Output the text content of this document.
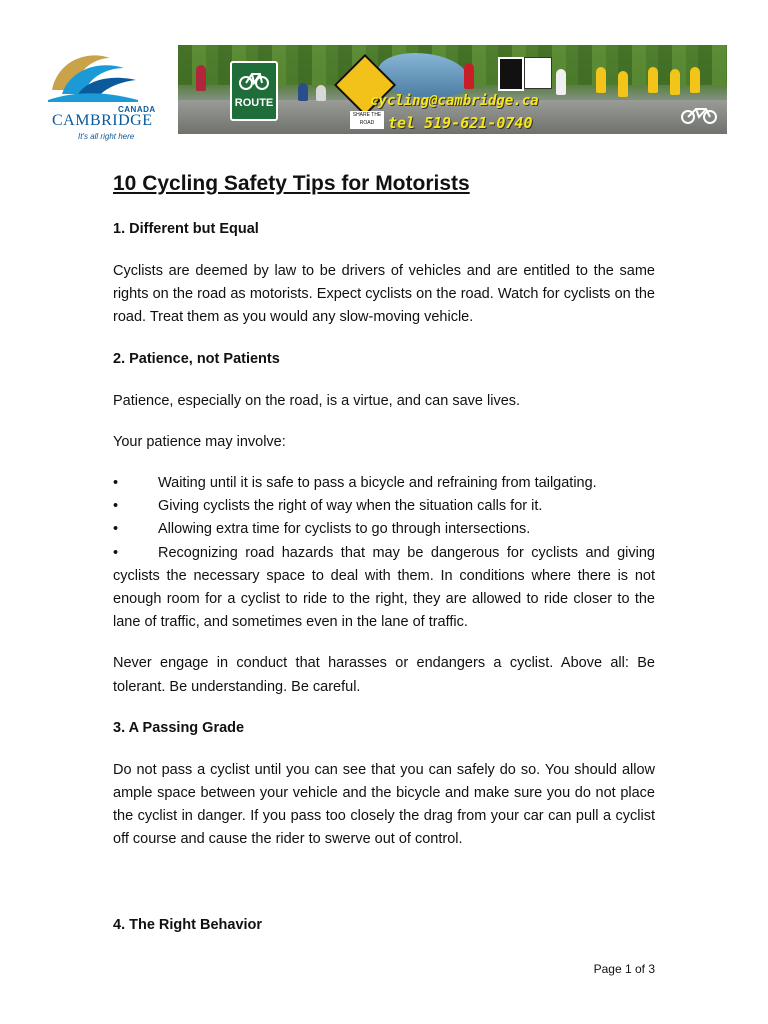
CANADA
CAMBRIDGE
It's all right here
ROUTE
SHARE THE ROAD
cycling@cambridge.ca
tel 519-621-0740
10 Cycling Safety Tips for Motorists
1. Different but Equal

Cyclists are deemed by law to be drivers of vehicles and are entitled to the same rights on the road as motorists. Expect cyclists on the road. Watch for cyclists on the road. Treat them as you would any slow-moving vehicle.

2. Patience, not Patients

Patience, especially on the road, is a virtue, and can save lives.

Your patience may involve:

•	Waiting until it is safe to pass a bicycle and refraining from tailgating.
•	Giving cyclists the right of way when the situation calls for it.
•	Allowing extra time for cyclists to go through intersections.
•	Recognizing road hazards that may be dangerous for cyclists and giving cyclists the necessary space to deal with them. In conditions where there is not enough room for a cyclist to ride to the right, they are allowed to ride closer to the lane of traffic, and sometimes even in the lane of traffic.

Never engage in conduct that harasses or endangers a cyclist. Above all: Be tolerant. Be understanding. Be careful.

3. A Passing Grade

Do not pass a cyclist until you can see that you can safely do so. You should allow ample space between your vehicle and the bicycle and make sure you do not place the cyclist in danger. If you pass too closely the drag from your car can pull a cyclist off course and cause the rider to swerve out of control.

4. The Right Behavior
Page 1 of 3
